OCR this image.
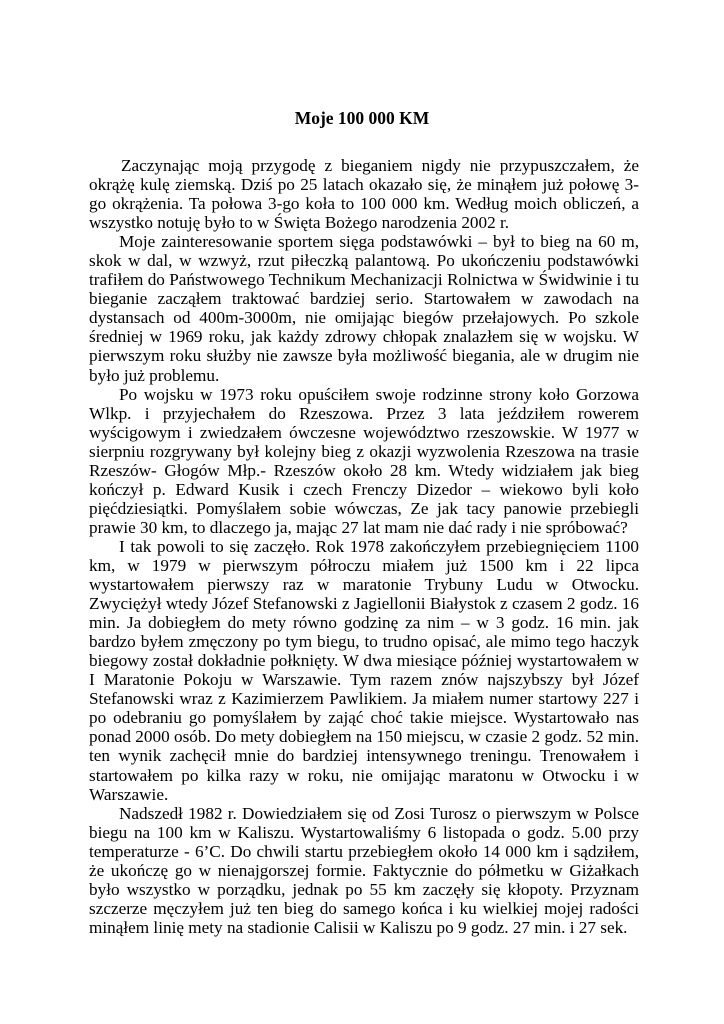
Moje 100 000 KM

Zaczynając moją przygodę z bieganiem nigdy nie przypuszczałem, że okrążę kulę ziemską. Dziś po 25 latach okazało się, że minąłem już połowę 3-go okrążenia. Ta połowa 3-go koła to 100 000 km. Według moich obliczeń, a wszystko notuję było to w Święta Bożego narodzenia 2002 r.

Moje zainteresowanie sportem sięga podstawówki – był to bieg na 60 m, skok w dal, w wzwyż, rzut piłeczką palantową. Po ukończeniu podstawówki trafiłem do Państwowego Technikum Mechanizacji Rolnictwa w Świdwinie i tu bieganie zacząłem traktować bardziej serio. Startowałem w zawodach na dystansach od 400m-3000m, nie omijając biegów przełajowych. Po szkole średniej w 1969 roku, jak każdy zdrowy chłopak znalazłem się w wojsku. W pierwszym roku służby nie zawsze była możliwość biegania, ale w drugim nie było już problemu.

Po wojsku w 1973 roku opuściłem swoje rodzinne strony koło Gorzowa Wlkp. i przyjechałem do Rzeszowa. Przez 3 lata jeździłem rowerem wyścigowym i zwiedzałem ówczesne województwo rzeszowskie. W 1977 w sierpniu rozgrywany był kolejny bieg z okazji wyzwolenia Rzeszowa na trasie Rzeszów- Głogów Młp.- Rzeszów około 28 km. Wtedy widziałem jak bieg kończył p. Edward Kusik i czech Frenczy Dizedor – wiekowo byli koło pięćdziesiątki. Pomyślałem sobie wówczas, Ze jak tacy panowie przebiegli prawie 30 km, to dlaczego ja, mając 27 lat mam nie dać rady i nie spróbować?

I tak powoli to się zaczęło. Rok 1978 zakończyłem przebiegnięciem 1100 km, w 1979 w pierwszym półroczu miałem już 1500 km i 22 lipca wystartowałem pierwszy raz w maratonie Trybuny Ludu w Otwocku. Zwyciężył wtedy Józef Stefanowski z Jagiellonii Białystok z czasem 2 godz. 16 min. Ja dobiegłem do mety równo godzinę za nim – w 3 godz. 16 min. jak bardzo byłem zmęczony po tym biegu, to trudno opisać, ale mimo tego haczyk biegowy został dokładnie połknięty. W dwa miesiące później wystartowałem w I Maratonie Pokoju w Warszawie. Tym razem znów najszybszy był Józef Stefanowski wraz z Kazimierzem Pawlikiem. Ja miałem numer startowy 227 i po odebraniu go pomyślałem by zająć choć takie miejsce. Wystartowało nas ponad 2000 osób. Do mety dobiegłem na 150 miejscu, w czasie 2 godz. 52 min. ten wynik zachęcił mnie do bardziej intensywnego treningu. Trenowałem i startowałem po kilka razy w roku, nie omijając maratonu w Otwocku i w Warszawie.

Nadszedł 1982 r. Dowiedziałem się od Zosi Turosz o pierwszym w Polsce biegu na 100 km w Kaliszu. Wystartowaliśmy 6 listopada o godz. 5.00 przy temperaturze - 6’C. Do chwili startu przebiegłem około 14 000 km i sądziłem, że ukończę go w nienajgorszej formie. Faktycznie do półmetku w Giżałkach było wszystko w porządku, jednak po 55 km zaczęły się kłopoty. Przyznam szczerze męczyłem już ten bieg do samego końca i ku wielkiej mojej radości minąłem linię mety na stadionie Calisii w Kaliszu po 9 godz. 27 min. i 27 sek.
